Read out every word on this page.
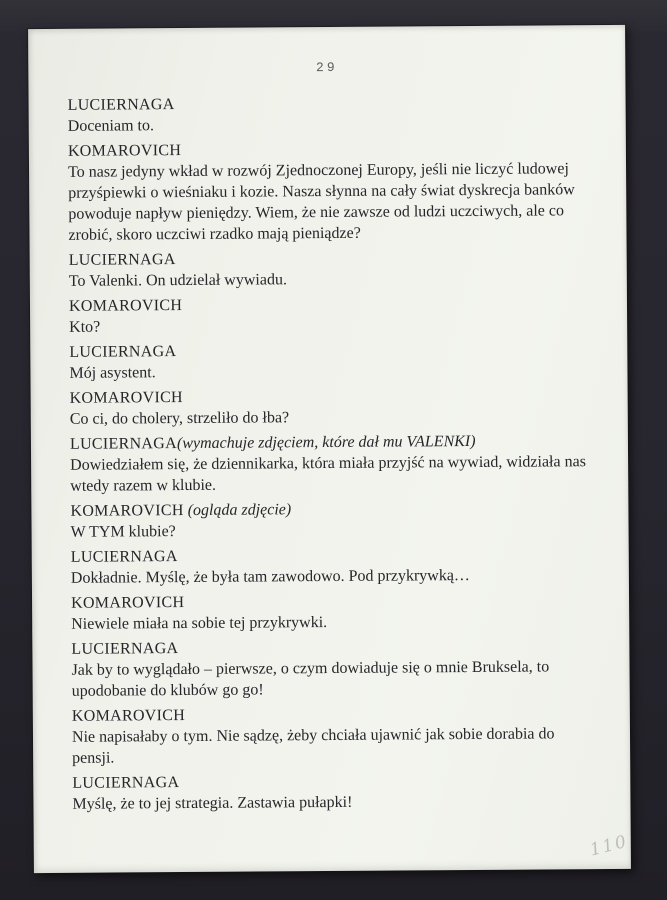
29
LUCIERNAGA
Doceniam to.
KOMAROVICH
To nasz jedyny wkład w rozwój Zjednoczonej Europy, jeśli nie liczyć ludowej
przyśpiewki o wieśniaku i kozie. Nasza słynna na cały świat dyskrecja banków
powoduje napływ pieniędzy. Wiem, że nie zawsze od ludzi uczciwych, ale co
zrobić, skoro uczciwi rzadko mają pieniądze?
LUCIERNAGA
To Valenki. On udzielał wywiadu.
KOMAROVICH
Kto?
LUCIERNAGA
Mój asystent.
KOMAROVICH
Co ci, do cholery, strzeliło do łba?
LUCIERNAGA(wymachuje zdjęciem, które dał mu VALENKI)
Dowiedziałem się, że dziennikarka, która miała przyjść na wywiad, widziała nas
wtedy razem w klubie.
KOMAROVICH (ogląda zdjęcie)
W TYM klubie?
LUCIERNAGA
Dokładnie. Myślę, że była tam zawodowo. Pod przykrywką…
KOMAROVICH
Niewiele miała na sobie tej przykrywki.
LUCIERNAGA
Jak by to wyglądało – pierwsze, o czym dowiaduje się o mnie Bruksela, to
upodobanie do klubów go go!
KOMAROVICH
Nie napisałaby o tym. Nie sądzę, żeby chciała ujawnić jak sobie dorabia do
pensji.
LUCIERNAGA
Myślę, że to jej strategia. Zastawia pułapki!
110
